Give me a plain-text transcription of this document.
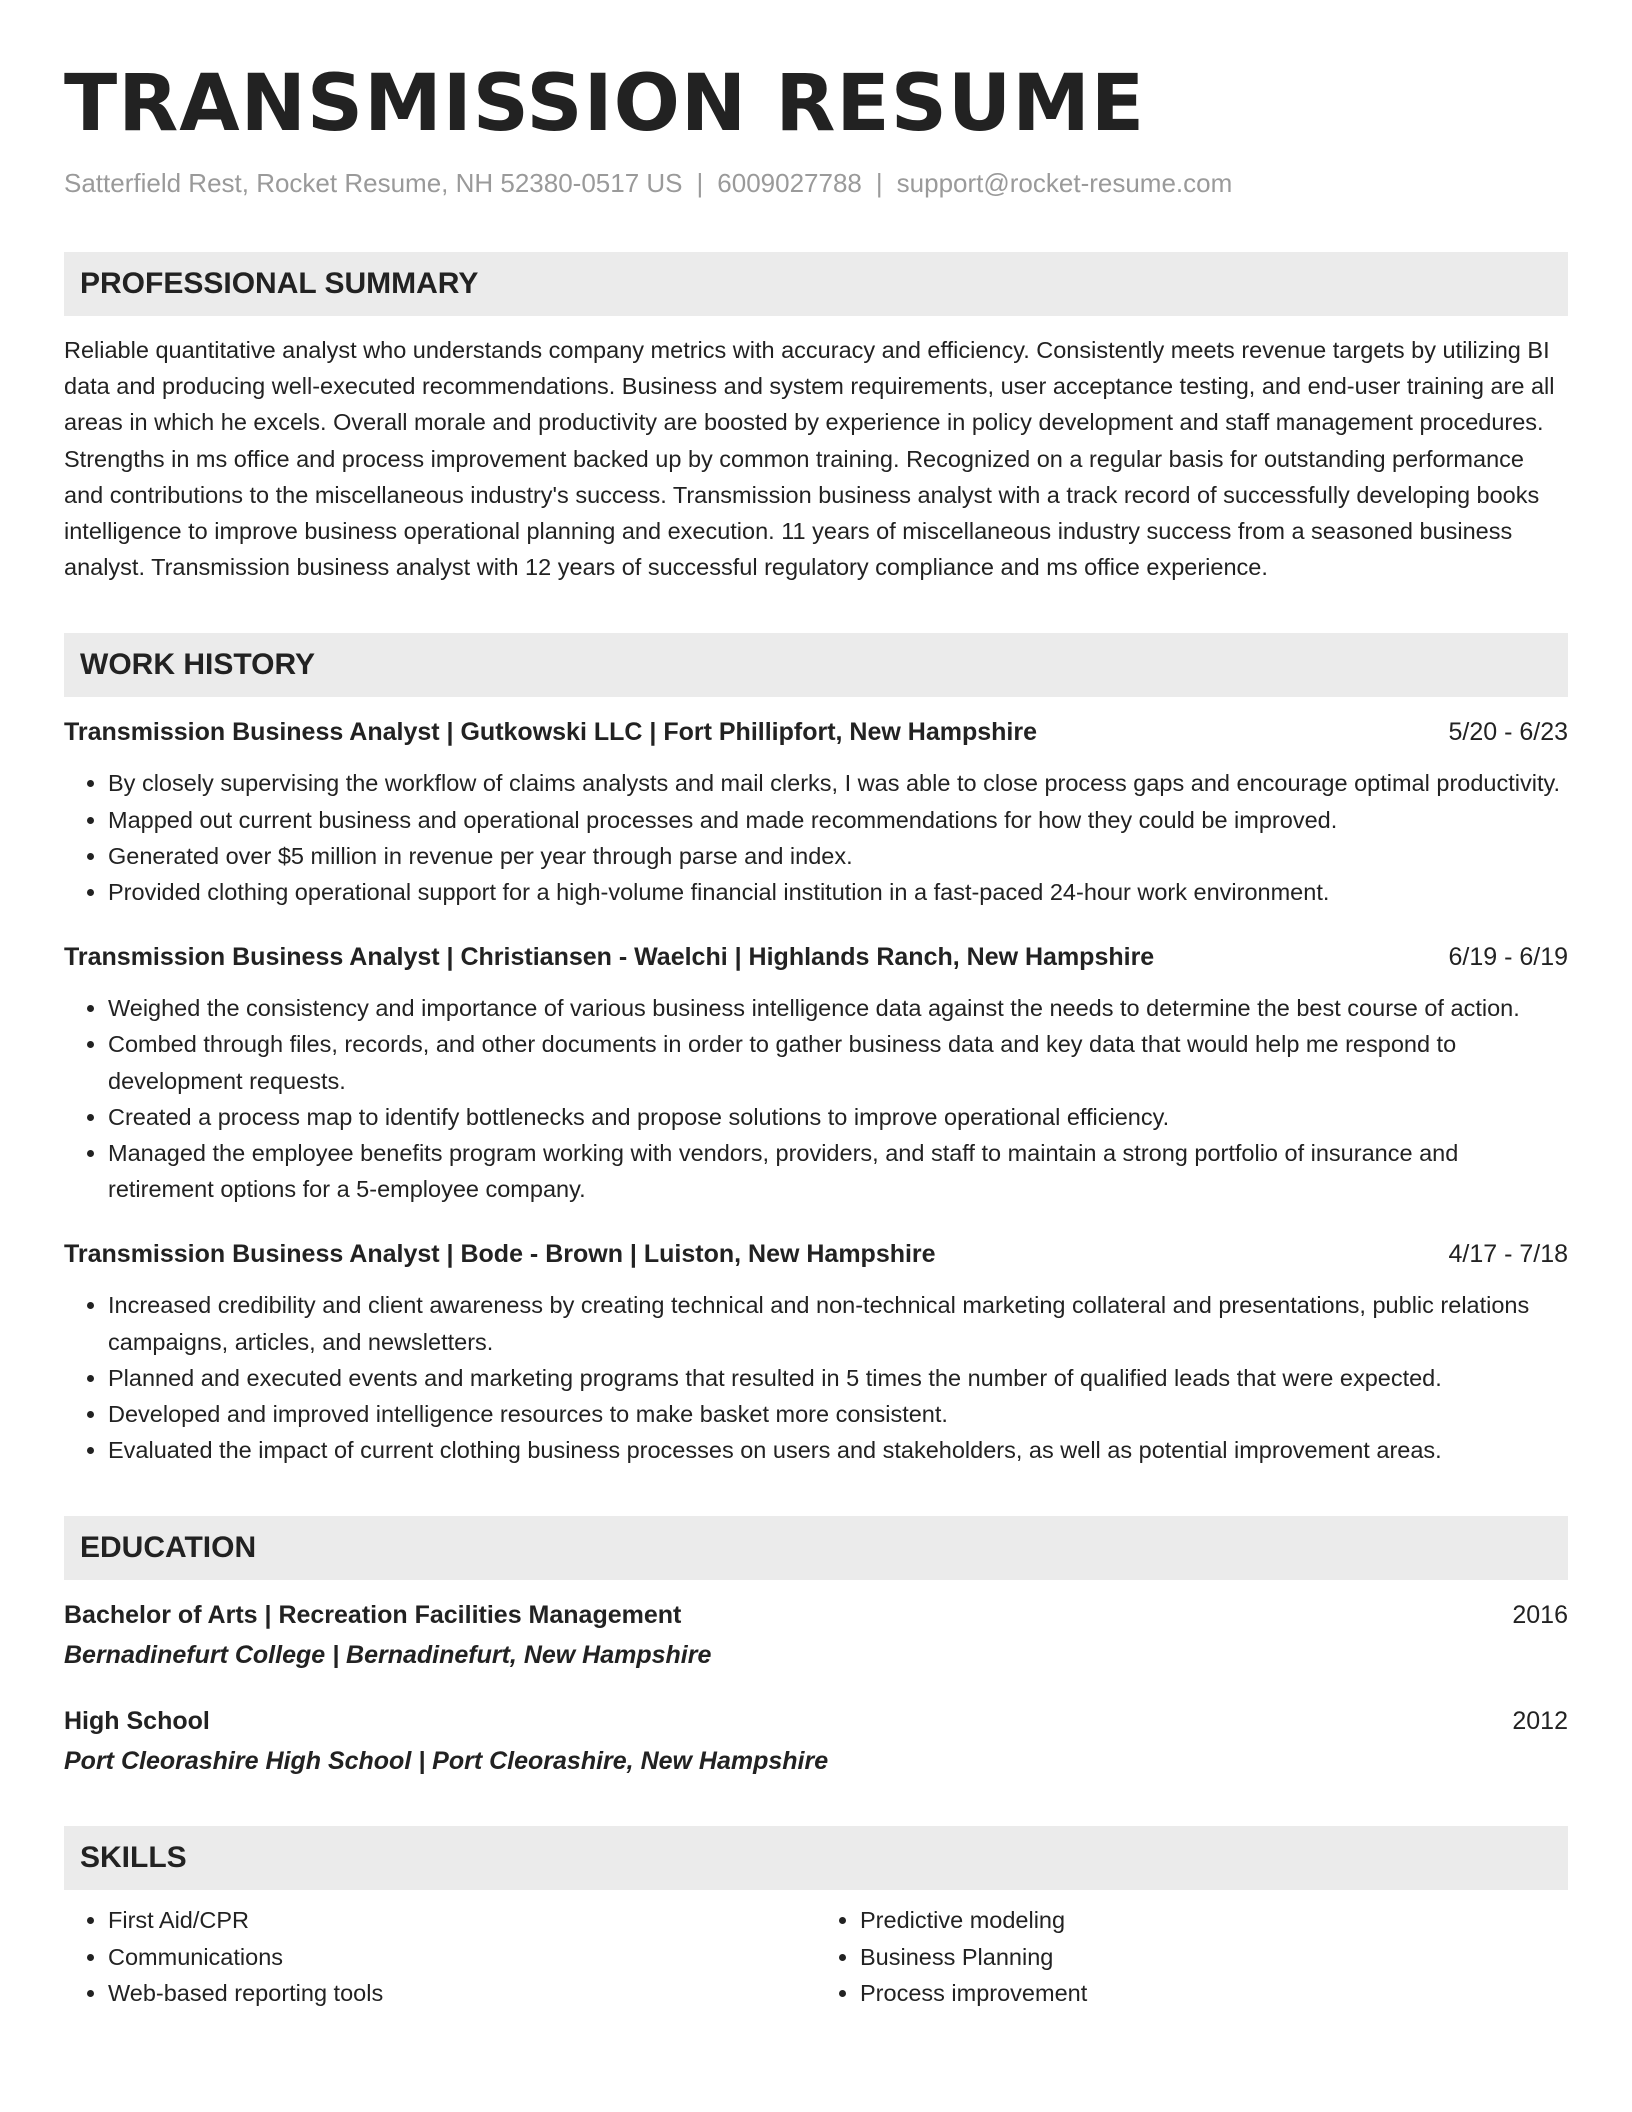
TRANSMISSION RESUME
Satterfield Rest, Rocket Resume, NH 52380-0517 US | 6009027788 | support@rocket-resume.com
PROFESSIONAL SUMMARY
Reliable quantitative analyst who understands company metrics with accuracy and efficiency. Consistently meets revenue targets by utilizing BI data and producing well-executed recommendations. Business and system requirements, user acceptance testing, and end-user training are all areas in which he excels. Overall morale and productivity are boosted by experience in policy development and staff management procedures. Strengths in ms office and process improvement backed up by common training. Recognized on a regular basis for outstanding performance and contributions to the miscellaneous industry's success. Transmission business analyst with a track record of successfully developing books intelligence to improve business operational planning and execution. 11 years of miscellaneous industry success from a seasoned business analyst. Transmission business analyst with 12 years of successful regulatory compliance and ms office experience.
WORK HISTORY
Transmission Business Analyst | Gutkowski LLC | Fort Phillipfort, New Hampshire	5/20 - 6/23
• By closely supervising the workflow of claims analysts and mail clerks, I was able to close process gaps and encourage optimal productivity.
• Mapped out current business and operational processes and made recommendations for how they could be improved.
• Generated over $5 million in revenue per year through parse and index.
• Provided clothing operational support for a high-volume financial institution in a fast-paced 24-hour work environment.
Transmission Business Analyst | Christiansen - Waelchi | Highlands Ranch, New Hampshire	6/19 - 6/19
• Weighed the consistency and importance of various business intelligence data against the needs to determine the best course of action.
• Combed through files, records, and other documents in order to gather business data and key data that would help me respond to development requests.
• Created a process map to identify bottlenecks and propose solutions to improve operational efficiency.
• Managed the employee benefits program working with vendors, providers, and staff to maintain a strong portfolio of insurance and retirement options for a 5-employee company.
Transmission Business Analyst | Bode - Brown | Luiston, New Hampshire	4/17 - 7/18
• Increased credibility and client awareness by creating technical and non-technical marketing collateral and presentations, public relations campaigns, articles, and newsletters.
• Planned and executed events and marketing programs that resulted in 5 times the number of qualified leads that were expected.
• Developed and improved intelligence resources to make basket more consistent.
• Evaluated the impact of current clothing business processes on users and stakeholders, as well as potential improvement areas.
EDUCATION
Bachelor of Arts | Recreation Facilities Management	2016
Bernadinefurt College | Bernadinefurt, New Hampshire
High School	2012
Port Cleorashire High School | Port Cleorashire, New Hampshire
SKILLS
• First Aid/CPR
• Communications
• Web-based reporting tools
• Predictive modeling
• Business Planning
• Process improvement
